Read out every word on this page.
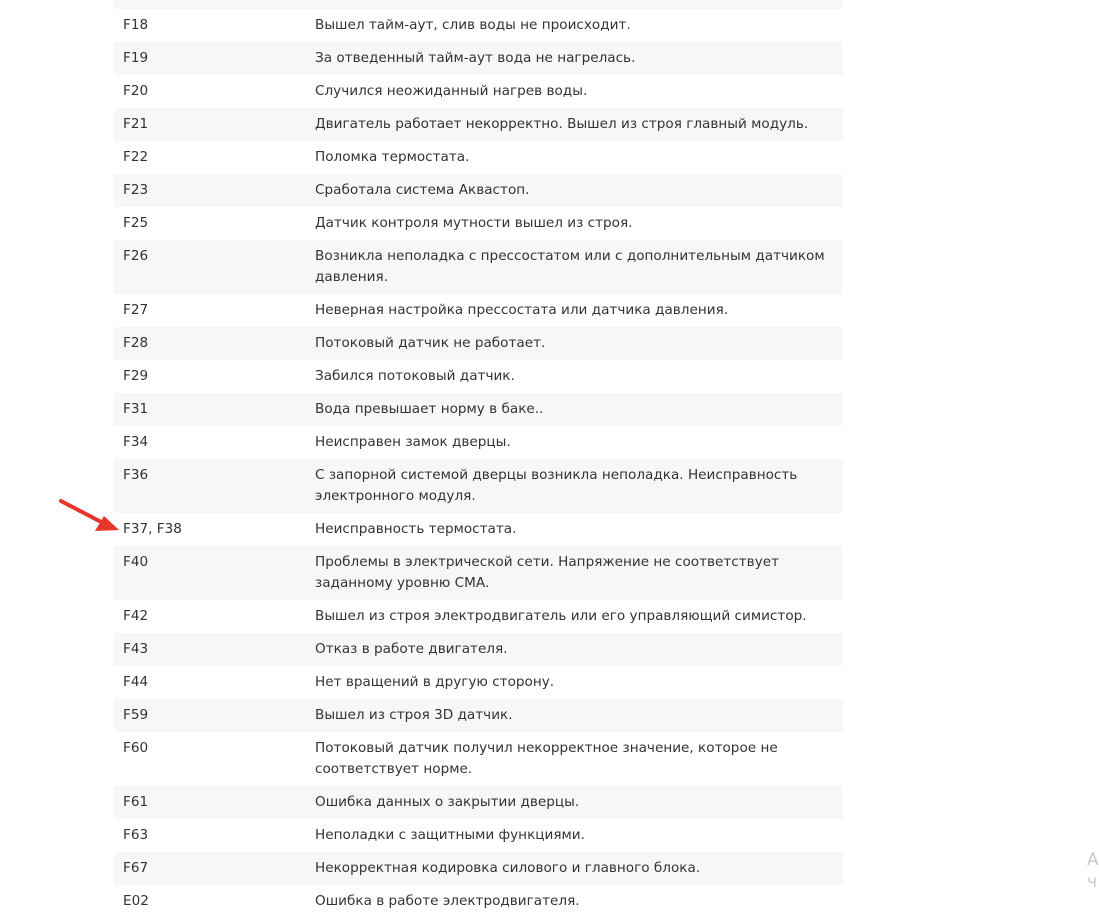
F18	Вышел тайм-аут, слив воды не происходит.
F19	За отведенный тайм-аут вода не нагрелась.
F20	Случился неожиданный нагрев воды.
F21	Двигатель работает некорректно. Вышел из строя главный модуль.
F22	Поломка термостата.
F23	Сработала система Аквастоп.
F25	Датчик контроля мутности вышел из строя.
F26	Возникла неполадка с прессостатом или с дополнительным датчиком давления.
F27	Неверная настройка прессостата или датчика давления.
F28	Потоковый датчик не работает.
F29	Забился потоковый датчик.
F31	Вода превышает норму в баке..
F34	Неисправен замок дверцы.
F36	С запорной системой дверцы возникла неполадка. Неисправность электронного модуля.
F37, F38	Неисправность термостата.
F40	Проблемы в электрической сети. Напряжение не соответствует заданному уровню СМА.
F42	Вышел из строя электродвигатель или его управляющий симистор.
F43	Отказ в работе двигателя.
F44	Нет вращений в другую сторону.
F59	Вышел из строя 3D датчик.
F60	Потоковый датчик получил некорректное значение, которое не соответствует норме.
F61	Ошибка данных о закрытии дверцы.
F63	Неполадки с защитными функциями.
F67	Некорректная кодировка силового и главного блока.
E02	Ошибка в работе электродвигателя.
А
ч
